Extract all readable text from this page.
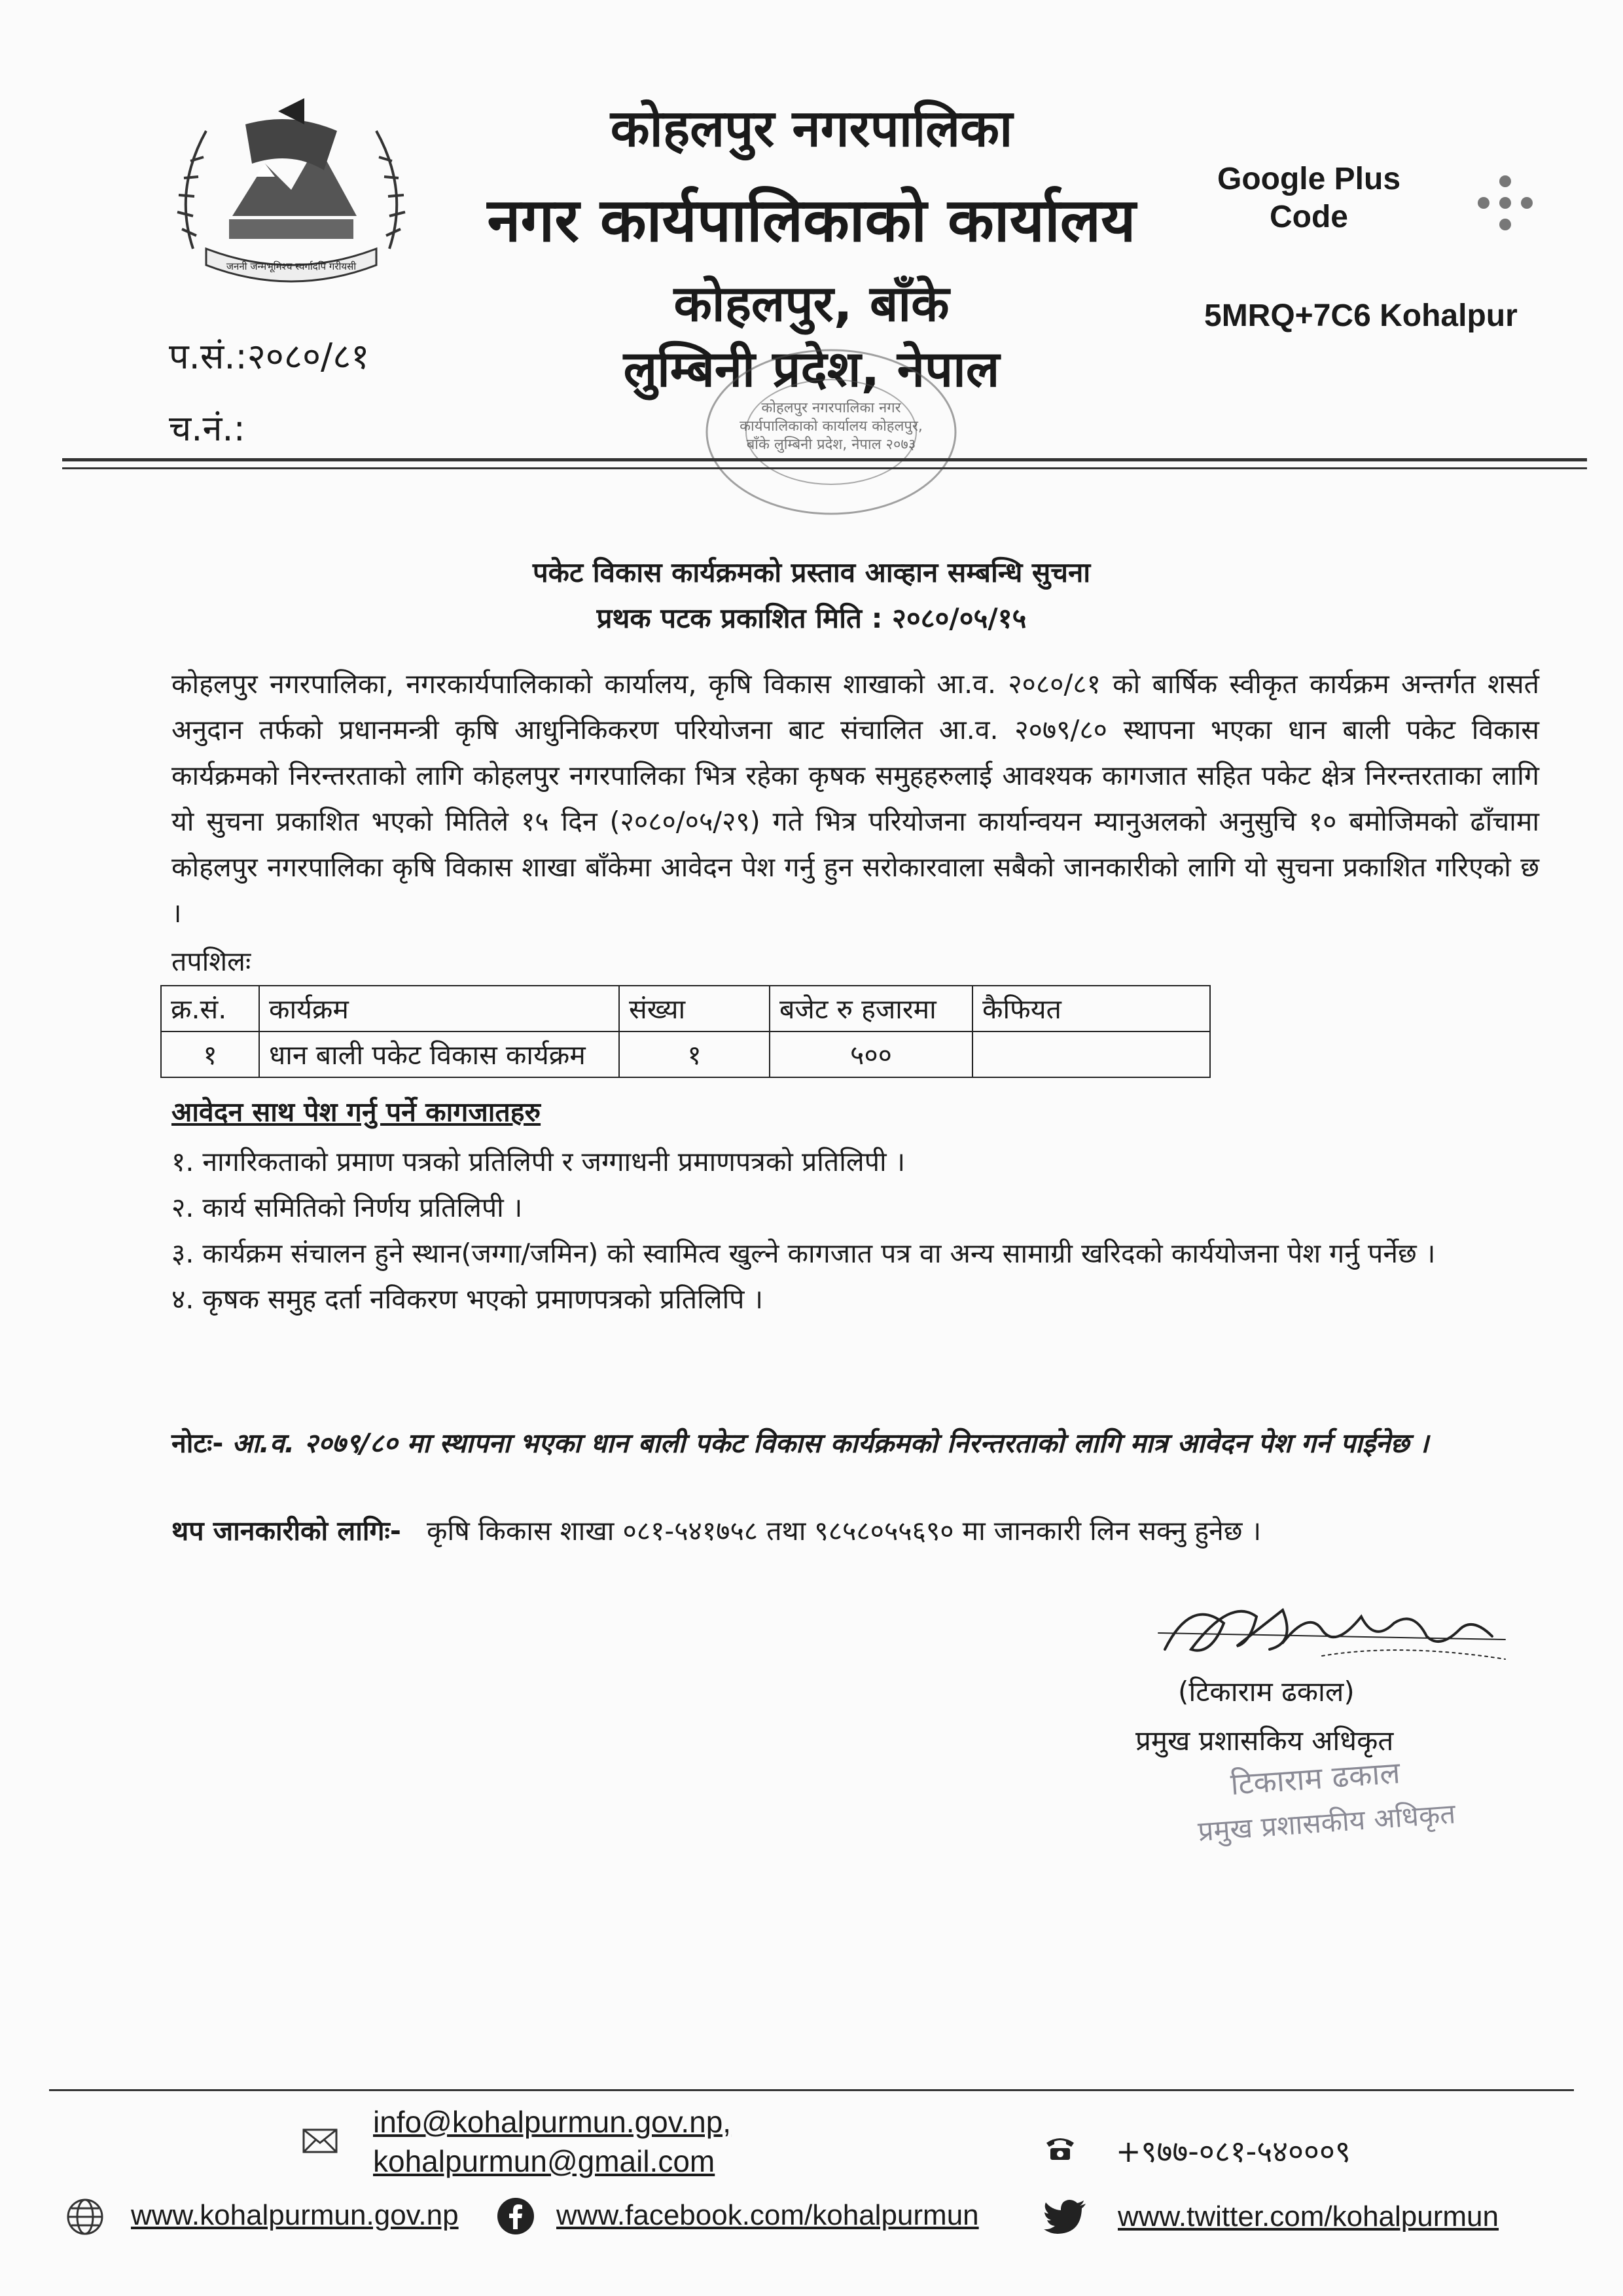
जननी जन्मभूमिश्च स्वर्गादपि गरीयसी
कोहलपुर नगरपालिका
नगर कार्यपालिकाको कार्यालय
कोहलपुर, बाँके
लुम्बिनी प्रदेश, नेपाल
Google Plus
Code
5MRQ+7C6 Kohalpur
प.सं.:२०८०/८१
च.नं.:	कोहलपुर नगरपालिका नगर कार्यपालिकाको कार्यालय कोहलपुर, बाँके लुम्बिनी प्रदेश, नेपाल २०७३
पकेट विकास कार्यक्रमको प्रस्ताव आव्हान सम्बन्धि सुचना
प्रथक पटक प्रकाशित मिति : २०८०/०५/१५
कोहलपुर नगरपालिका, नगरकार्यपालिकाको कार्यालय, कृषि विकास शाखाको आ.व. २०८०/८१ को बार्षिक स्वीकृत कार्यक्रम अन्तर्गत शसर्त अनुदान तर्फको प्रधानमन्त्री कृषि आधुनिकिकरण परियोजना बाट संचालित आ.व. २०७९/८० स्थापना भएका धान बाली पकेट विकास कार्यक्रमको निरन्तरताको लागि कोहलपुर नगरपालिका भित्र रहेका कृषक समुहहरुलाई आवश्यक कागजात सहित पकेट क्षेत्र निरन्तरताका लागि यो सुचना प्रकाशित भएको मितिले १५ दिन (२०८०/०५/२९) गते भित्र परियोजना कार्यान्वयन म्यानुअलको अनुसुचि १० बमोजिमको ढाँचामा कोहलपुर नगरपालिका कृषि विकास शाखा बाँकेमा आवेदन पेश गर्नु हुन सरोकारवाला सबैको जानकारीको लागि यो सुचना प्रकाशित गरिएको छ ।
तपशिलः
क्र.सं.	कार्यक्रम	संख्या	बजेट रु हजारमा	कैफियत
१	धान बाली पकेट विकास कार्यक्रम	१	५००	
आवेदन साथ पेश गर्नु पर्ने कागजातहरु
१. नागरिकताको प्रमाण पत्रको प्रतिलिपी र जग्गाधनी प्रमाणपत्रको प्रतिलिपी ।
२. कार्य समितिको निर्णय प्रतिलिपी ।
३. कार्यक्रम संचालन हुने स्थान(जग्गा/जमिन) को स्वामित्व खुल्ने कागजात पत्र वा अन्य सामाग्री खरिदको कार्ययोजना पेश गर्नु पर्नेछ ।
४. कृषक समुह दर्ता नविकरण भएको प्रमाणपत्रको प्रतिलिपि ।
नोटः- आ.व. २०७९/८० मा स्थापना भएका धान बाली पकेट विकास कार्यक्रमको निरन्तरताको लागि मात्र आवेदन पेश गर्न पाईनेछ ।
थप जानकारीको लागिः- कृषि किकास शाखा ०८१-५४१७५८ तथा ९८५८०५५६९० मा जानकारी लिन सक्नु हुनेछ ।
(टिकाराम ढकाल)
प्रमुख प्रशासकिय अधिकृत
टिकाराम ढकाल
प्रमुख प्रशासकीय अधिकृत
info@kohalpurmun.gov.np,
kohalpurmun@gmail.com	+९७७-०८१-५४०००९
www.kohalpurmun.gov.np	www.facebook.com/kohalpurmun	www.twitter.com/kohalpurmun
